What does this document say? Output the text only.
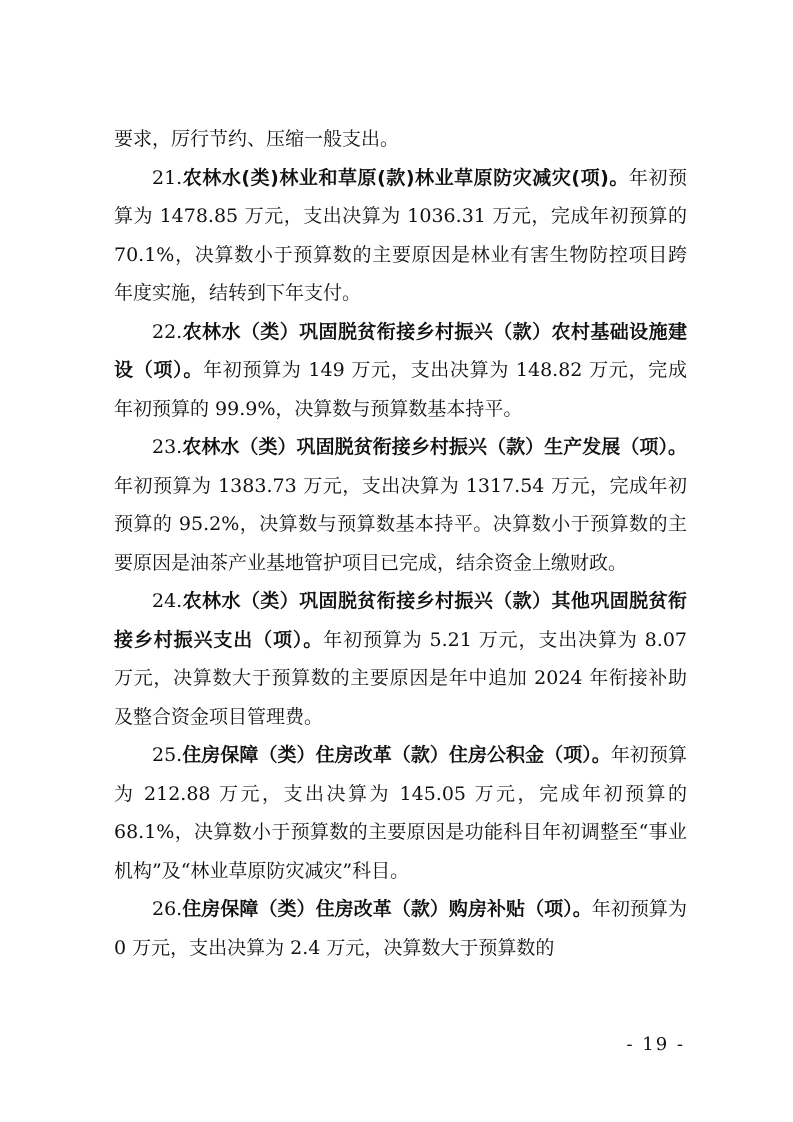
要求，厉行节约、压缩一般支出。

21.农林水(类)林业和草原(款)林业草原防灾减灾(项)。年初预算为 1478.85 万元，支出决算为 1036.31 万元，完成年初预算的 70.1%，决算数小于预算数的主要原因是林业有害生物防控项目跨年度实施，结转到下年支付。

22.农林水（类）巩固脱贫衔接乡村振兴（款）农村基础设施建设（项）。年初预算为 149 万元，支出决算为 148.82 万元，完成年初预算的 99.9%，决算数与预算数基本持平。

23.农林水（类）巩固脱贫衔接乡村振兴（款）生产发展（项）。年初预算为 1383.73 万元，支出决算为 1317.54 万元，完成年初预算的 95.2%，决算数与预算数基本持平。决算数小于预算数的主要原因是油茶产业基地管护项目已完成，结余资金上缴财政。

24.农林水（类）巩固脱贫衔接乡村振兴（款）其他巩固脱贫衔接乡村振兴支出（项）。年初预算为 5.21 万元，支出决算为 8.07 万元，决算数大于预算数的主要原因是年中追加 2024 年衔接补助及整合资金项目管理费。

25.住房保障（类）住房改革（款）住房公积金（项）。年初预算为 212.88 万元，支出决算为 145.05 万元，完成年初预算的 68.1%，决算数小于预算数的主要原因是功能科目年初调整至“事业机构”及“林业草原防灾减灾”科目。

26.住房保障（类）住房改革（款）购房补贴（项）。年初预算为 0 万元，支出决算为 2.4 万元，决算数大于预算数的

- 19 -
